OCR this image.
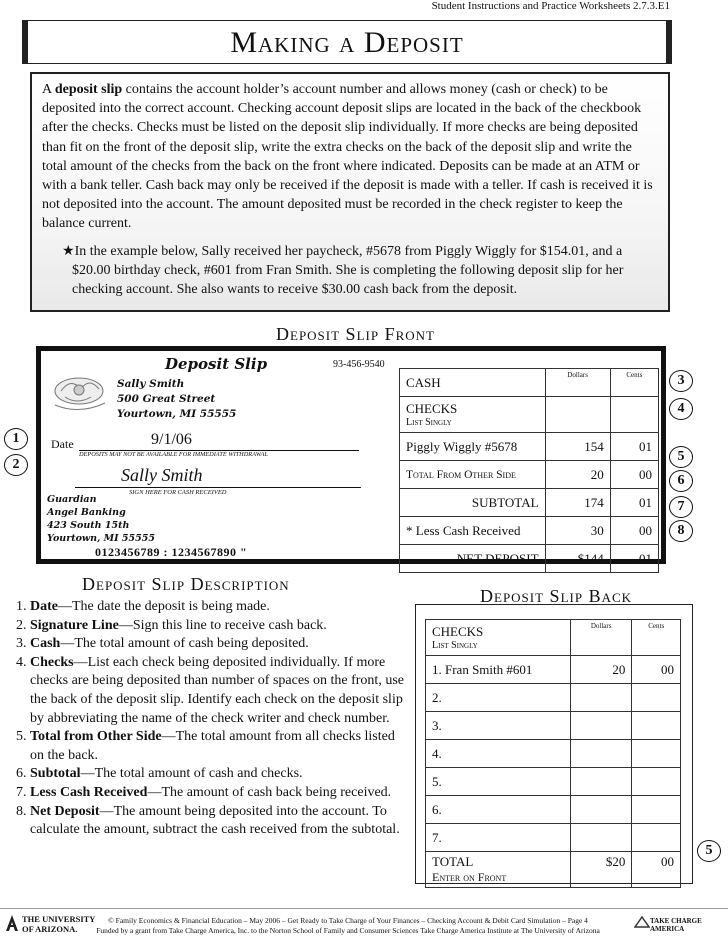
Student Instructions and Practice Worksheets 2.7.3.E1
Making a Deposit

A deposit slip contains the account holder’s account number and allows money (cash or check) to be deposited into the correct account. Checking account deposit slips are located in the back of the checkbook after the checks. Checks must be listed on the deposit slip individually. If more checks are being deposited than fit on the front of the deposit slip, write the extra checks on the back of the deposit slip and write the total amount of the checks from the back on the front where indicated. Deposits can be made at an ATM or with a bank teller. Cash back may only be received if the deposit is made with a teller. If cash is received it is not deposited into the account. The amount deposited must be recorded in the check register to keep the balance current.

★In the example below, Sally received her paycheck, #5678 from Piggly Wiggly for $154.01, and a $20.00 birthday check, #601 from Fran Smith. She is completing the following deposit slip for her checking account. She also wants to receive $30.00 cash back from the deposit.

Deposit Slip Front
Deposit Slip	93-456-9540
Sally Smith
500 Great Street
Yourtown, MI 55555
Date	9/1/06
DEPOSITS MAY NOT BE AVAILABLE FOR IMMEDIATE WITHDRAWAL
Sally Smith
SIGN HERE FOR CASH RECEIVED
Guardian
Angel Banking
423 South 15th
Yourtown, MI 55555
0123456789 : 1234567890 "
CASH	Dollars	Cents

CHECKS
List Singly		

Piggly Wiggly #5678	154	01
Total From Other Side	20	00
SUBTOTAL	174	01
* Less Cash Received	30	00
NET DEPOSIT	$144	01
1
2
3
4
5
6
7
8
Deposit Slip Description
1. Date—The date the deposit is being made.
2. Signature Line—Sign this line to receive cash back.
3. Cash—The total amount of cash being deposited.
4. Checks—List each check being deposited individually. If more checks are being deposited than number of spaces on the front, use the back of the deposit slip. Identify each check on the deposit slip by abbreviating the name of the check writer and check number.
5. Total from Other Side—The total amount from all checks listed on the back.
6. Subtotal—The total amount of cash and checks.
7. Less Cash Received—The amount of cash back being received.
8. Net Deposit—The amount being deposited into the account. To calculate the amount, subtract the cash received from the subtotal.
Deposit Slip Back
CHECKS
List Singly	Dollars	Cents
1. Fran Smith #601	20	00
2.		
3.		
4.		
5.		
6.		
7.		

TOTAL
Enter on Front	$20	00
5
THE UNIVERSITY
OF ARIZONA.
© Family Economics & Financial Education – May 2006 – Get Ready to Take Charge of Your Finances – Checking Account & Debit Card Simulation – Page 4
Funded by a grant from Take Charge America, Inc. to the Norton School of Family and Consumer Sciences Take Charge America Institute at The University of Arizona
TAKE CHARGE AMERICA
